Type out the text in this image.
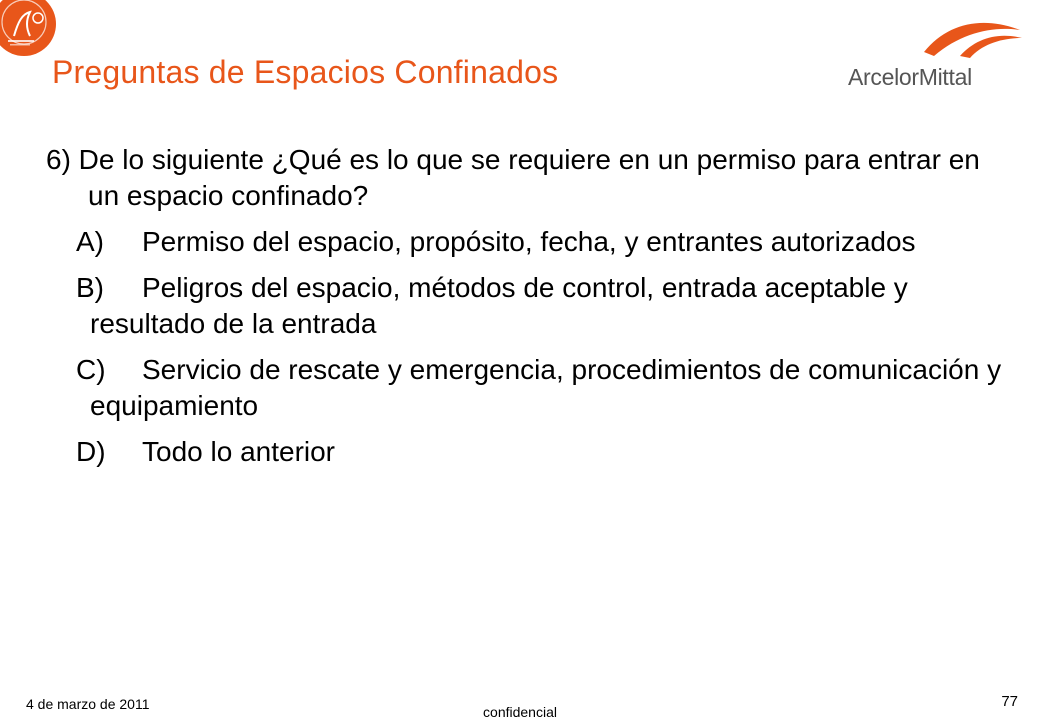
Preguntas de Espacios Confinados	ArcelorMittal
6) De lo siguiente ¿Qué es lo que se requiere en un permiso para entrar en un espacio confinado?
A) Permiso del espacio, propósito, fecha, y entrantes autorizados
B) Peligros del espacio, métodos de control, entrada aceptable y resultado de la entrada
C) Servicio de rescate y emergencia, procedimientos de comunicación y equipamiento
D) Todo lo anterior
4 de marzo de 2011	confidencial
77
